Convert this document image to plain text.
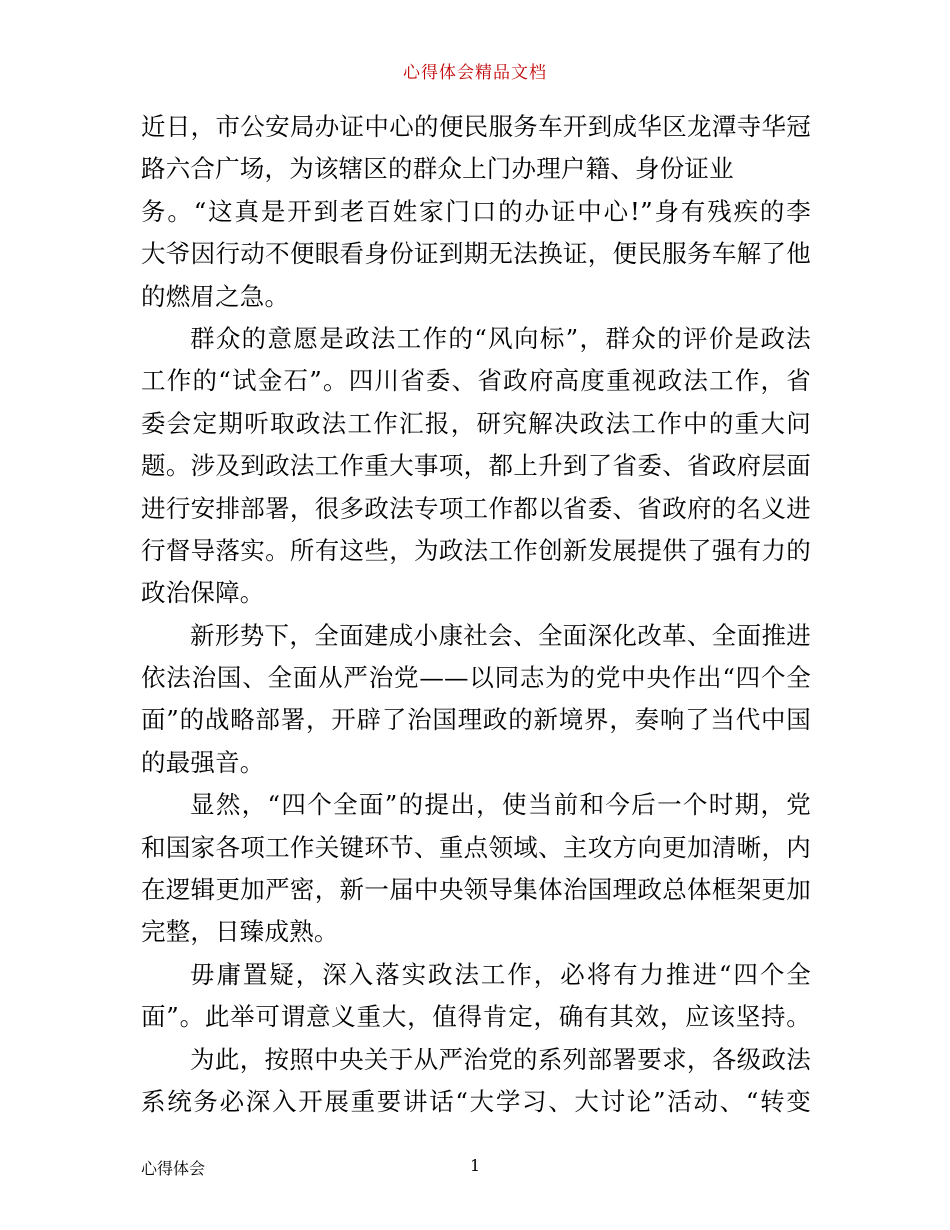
心得体会精品文档
近日，市公安局办证中心的便民服务车开到成华区龙潭寺华冠
路六合广场，为该辖区的群众上门办理户籍、身份证业
务。“这真是开到老百姓家门口的办证中心!”身有残疾的李
大爷因行动不便眼看身份证到期无法换证，便民服务车解了他
的燃眉之急。
群众的意愿是政法工作的“风向标”，群众的评价是政法
工作的“试金石”。四川省委、省政府高度重视政法工作，省
委会定期听取政法工作汇报，研究解决政法工作中的重大问
题。涉及到政法工作重大事项，都上升到了省委、省政府层面
进行安排部署，很多政法专项工作都以省委、省政府的名义进
行督导落实。所有这些，为政法工作创新发展提供了强有力的
政治保障。
新形势下，全面建成小康社会、全面深化改革、全面推进
依法治国、全面从严治党——以同志为的党中央作出“四个全
面”的战略部署，开辟了治国理政的新境界，奏响了当代中国
的最强音。
显然，“四个全面”的提出，使当前和今后一个时期，党
和国家各项工作关键环节、重点领域、主攻方向更加清晰，内
在逻辑更加严密，新一届中央领导集体治国理政总体框架更加
完整，日臻成熟。
毋庸置疑，深入落实政法工作，必将有力推进“四个全
面”。此举可谓意义重大，值得肯定，确有其效，应该坚持。
为此，按照中央关于从严治党的系列部署要求，各级政法
系统务必深入开展重要讲话“大学习、大讨论”活动、“转变
心得体会	1
